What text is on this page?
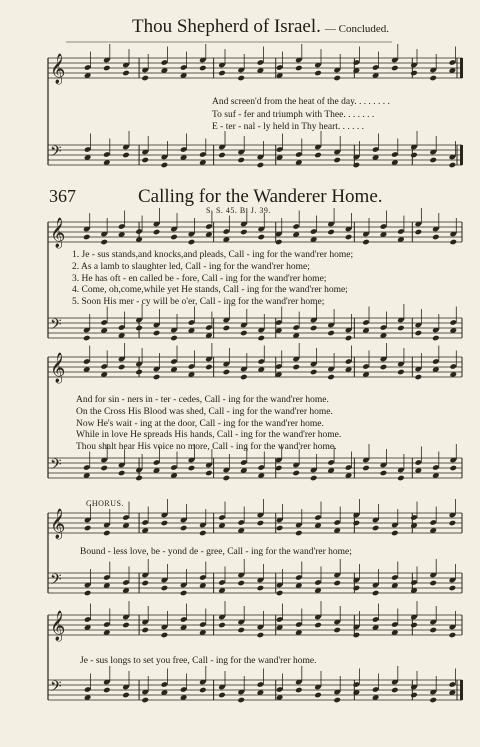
Thou Shepherd of Israel. — Concluded.
367	Calling for the Wanderer Home.
S. S. 45. B. J. 39.
CHORUS.
And screen'd from the heat of the day. . . . . . . .
To suf - fer and triumph with Thee. . . . . . .
E - ter - nal - ly held in Thy heart. . . . . .
1. Je - sus stands,and knocks,and pleads, Call - ing for the wand'rer home;
2. As a lamb to slaughter led, Call - ing for the wand'rer home;
3. He has oft - en called be - fore, Call - ing for the wand'rer home;
4. Come, oh,come,while yet He stands, Call - ing for the wand'rer home;
5. Soon His mer - cy will be o'er, Call - ing for the wand'rer home;
And for sin - ners in - ter - cedes, Call - ing for the wand'rer home.
On the Cross His Blood was shed, Call - ing for the wand'rer home.
Now He's wait - ing at the door, Call - ing for the wand'rer home.
While in love He spreads His hands, Call - ing for the wand'rer home.
Thou shalt hear His voice no more, Call - ing for the wand'rer home.
Bound - less love, be - yond de - gree, Call - ing for the wand'rer home;
Je - sus longs to set you free, Call - ing for the wand'rer home.
𝄞
𝄢
𝄞
𝄢
𝄞
𝄢
𝄞
𝄢
𝄞
𝄢
